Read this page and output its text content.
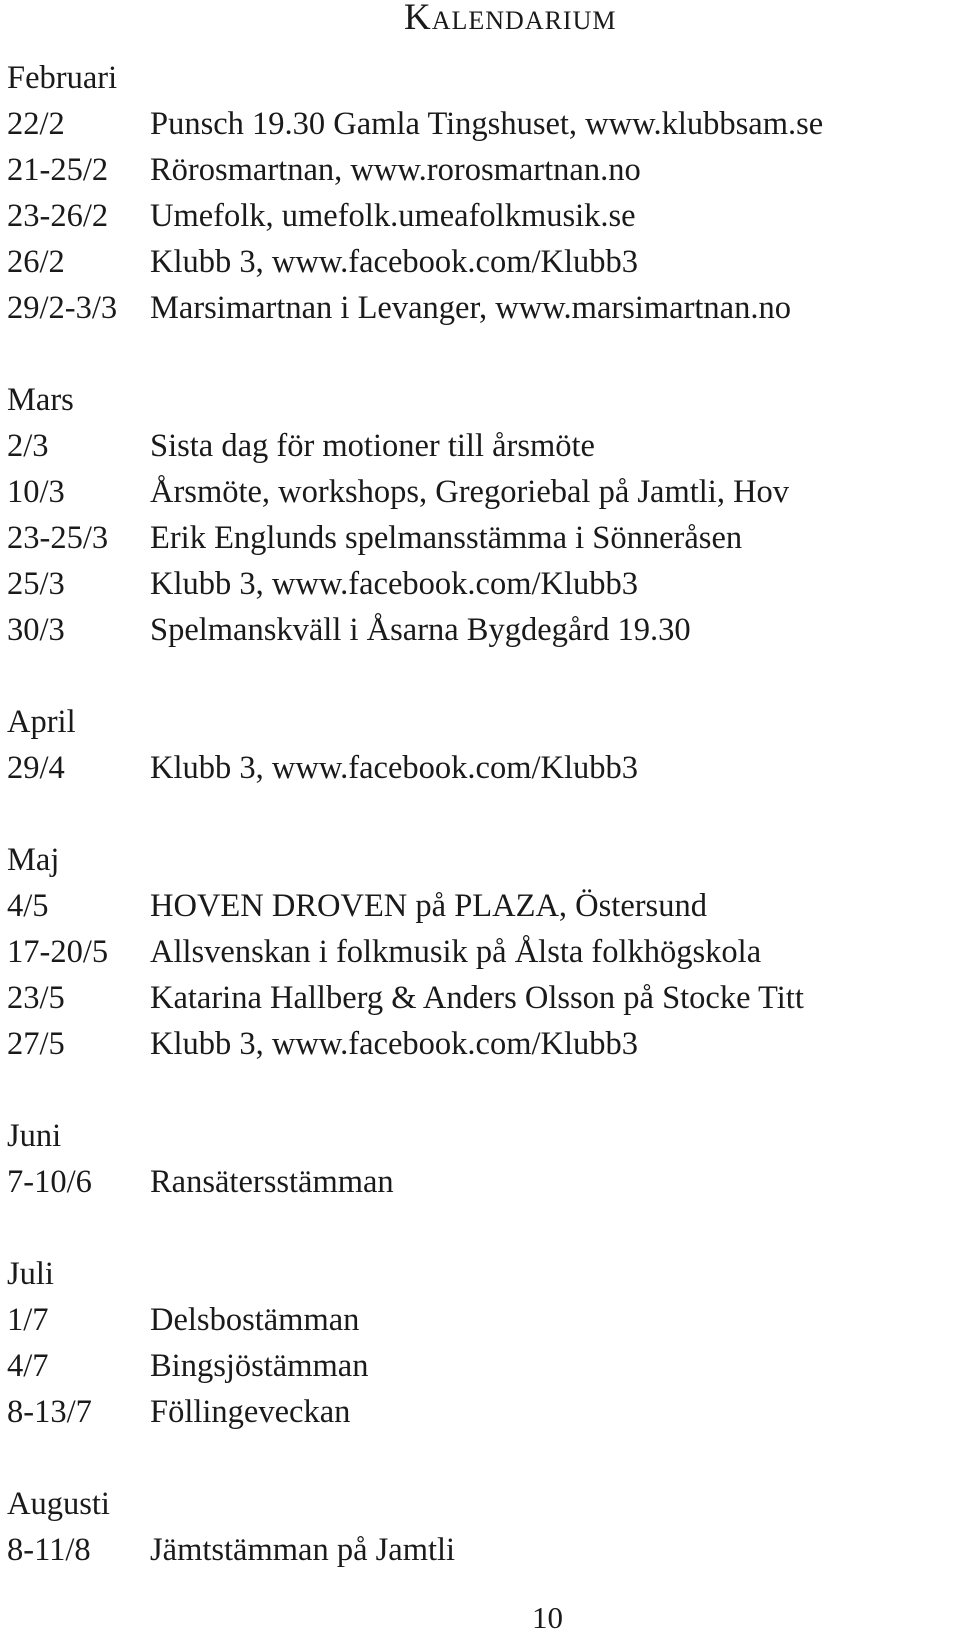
Kalendarium
Februari
22/2	Punsch 19.30 Gamla Tingshuset, www.klubbsam.se
21-25/2 Rörosmartnan, www.rorosmartnan.no
23-26/2 Umefolk, umefolk.umeafolkmusik.se
26/2	Klubb 3, www.facebook.com/Klubb3
29/2-3/3 Marsimartnan i Levanger, www.marsimartnan.no
Mars
2/3	Sista dag för motioner till årsmöte
10/3	Årsmöte, workshops, Gregoriebal på Jamtli, Hov
23-25/3 Erik Englunds spelmansstämma i Sönneråsen
25/3	Klubb 3, www.facebook.com/Klubb3
30/3	Spelmanskväll i Åsarna Bygdegård 19.30
April
29/4	Klubb 3, www.facebook.com/Klubb3
Maj
4/5	HOVEN DROVEN på PLAZA, Östersund
17-20/5 Allsvenskan i folkmusik på Ålsta folkhögskola
23/5	Katarina Hallberg & Anders Olsson på Stocke Titt
27/5	Klubb 3, www.facebook.com/Klubb3
Juni
7-10/6 Ransätersstämman
Juli
1/7	Delsbostämman
4/7	Bingsjöstämman
8-13/7 Föllingeveckan
Augusti
8-11/8 Jämtstämman på Jamtli
10
